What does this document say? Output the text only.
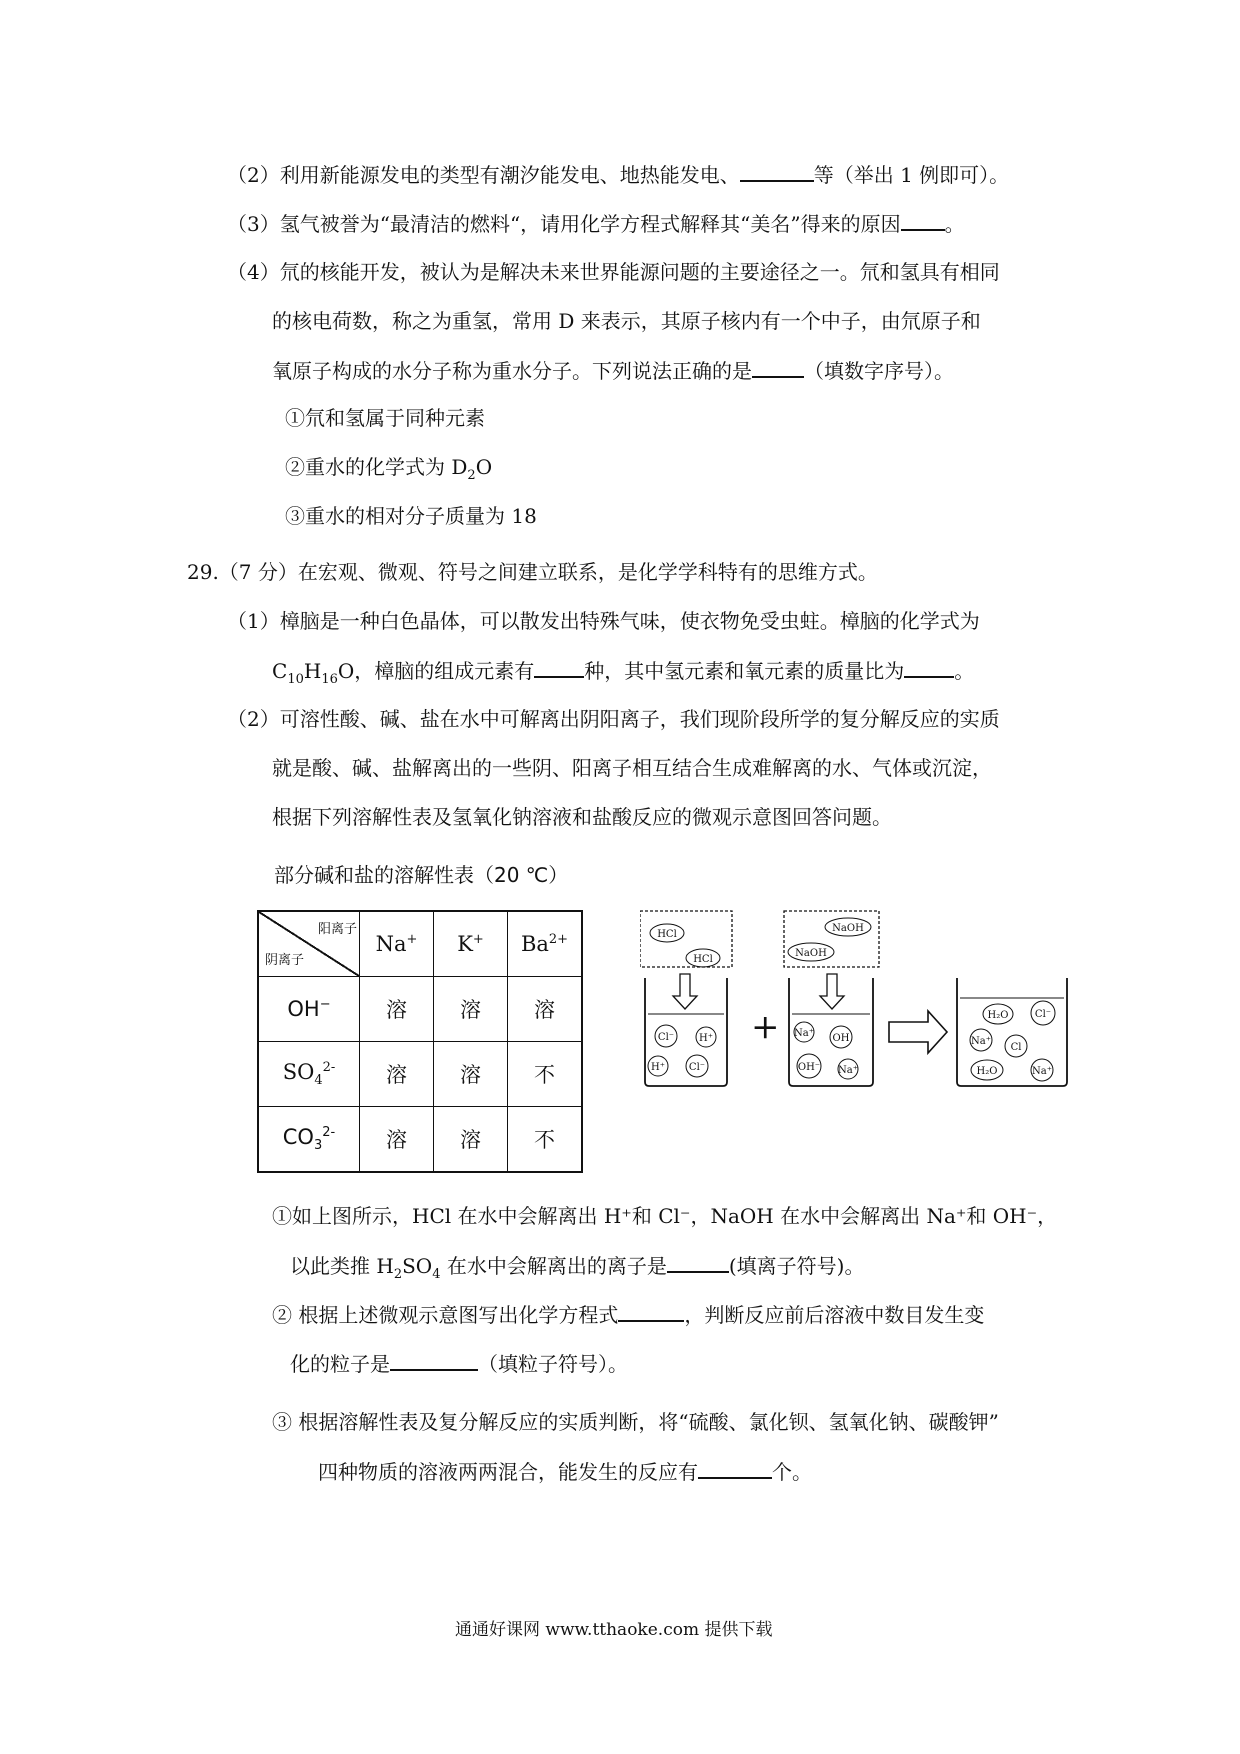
（2）利用新能源发电的类型有潮汐能发电、地热能发电、	等（举出 1 例即可）。
（3）氢气被誉为“最清洁的燃料“，请用化学方程式解释其“美名”得来的原因 。
（4）氘的核能开发，被认为是解决未来世界能源问题的主要途径之一。氘和氢具有相同
的核电荷数，称之为重氢，常用 D 来表示，其原子核内有一个中子，由氘原子和
氧原子构成的水分子称为重水分子。下列说法正确的是	（填数字序号）。
①氘和氢属于同种元素
②重水的化学式为 $D_2O$
③重水的相对分子质量为 18
29.（7 分）在宏观、微观、符号之间建立联系，是化学学科特有的思维方式。
（1）樟脑是一种白色晶体，可以散发出特殊气味，使衣物免受虫蛀。樟脑的化学式为
$C_{10}H_{16}O$，樟脑的组成元素有	种，其中氢元素和氧元素的质量比为	。
（2）可溶性酸、碱、盐在水中可解离出阴阳离子，我们现阶段所学的复分解反应的实质
就是酸、碱、盐解离出的一些阴、阳离子相互结合生成难解离的水、气体或沉淀，
根据下列溶解性表及氢氧化钠溶液和盐酸反应的微观示意图回答问题。
部分碱和盐的溶解性表（20 ℃）
阳离子
阴离子	Na+	K+	$Ba^{2+}$
OH−	溶	溶	溶
$SO_4^{2-}$	溶	溶	不
$CO_3^{2-}$	溶	溶	不
HCl
HCl
Cl⁻ H⁺
H⁺ Cl⁻
+
NaOH
NaOH
Na⁺ OH
OH⁻ Na⁺
H₂O	Cl⁻
Na⁺
Cl
H₂O	Na⁺
①如上图所示，HCl 在水中会解离出 H⁺和 Cl⁻，NaOH 在水中会解离出 Na⁺和 OH⁻，
以此类推 $H_2SO_4$ 在水中会解离出的离子是	(填离子符号)。
② 根据上述微观示意图写出化学方程式	，判断反应前后溶液中数目发生变
化的粒子是	（填粒子符号）。
③ 根据溶解性表及复分解反应的实质判断，将“硫酸、氯化钡、氢氧化钠、碳酸钾”
四种物质的溶液两两混合，能发生的反应有	个。
通通好课网 www.tthaoke.com 提供下载
